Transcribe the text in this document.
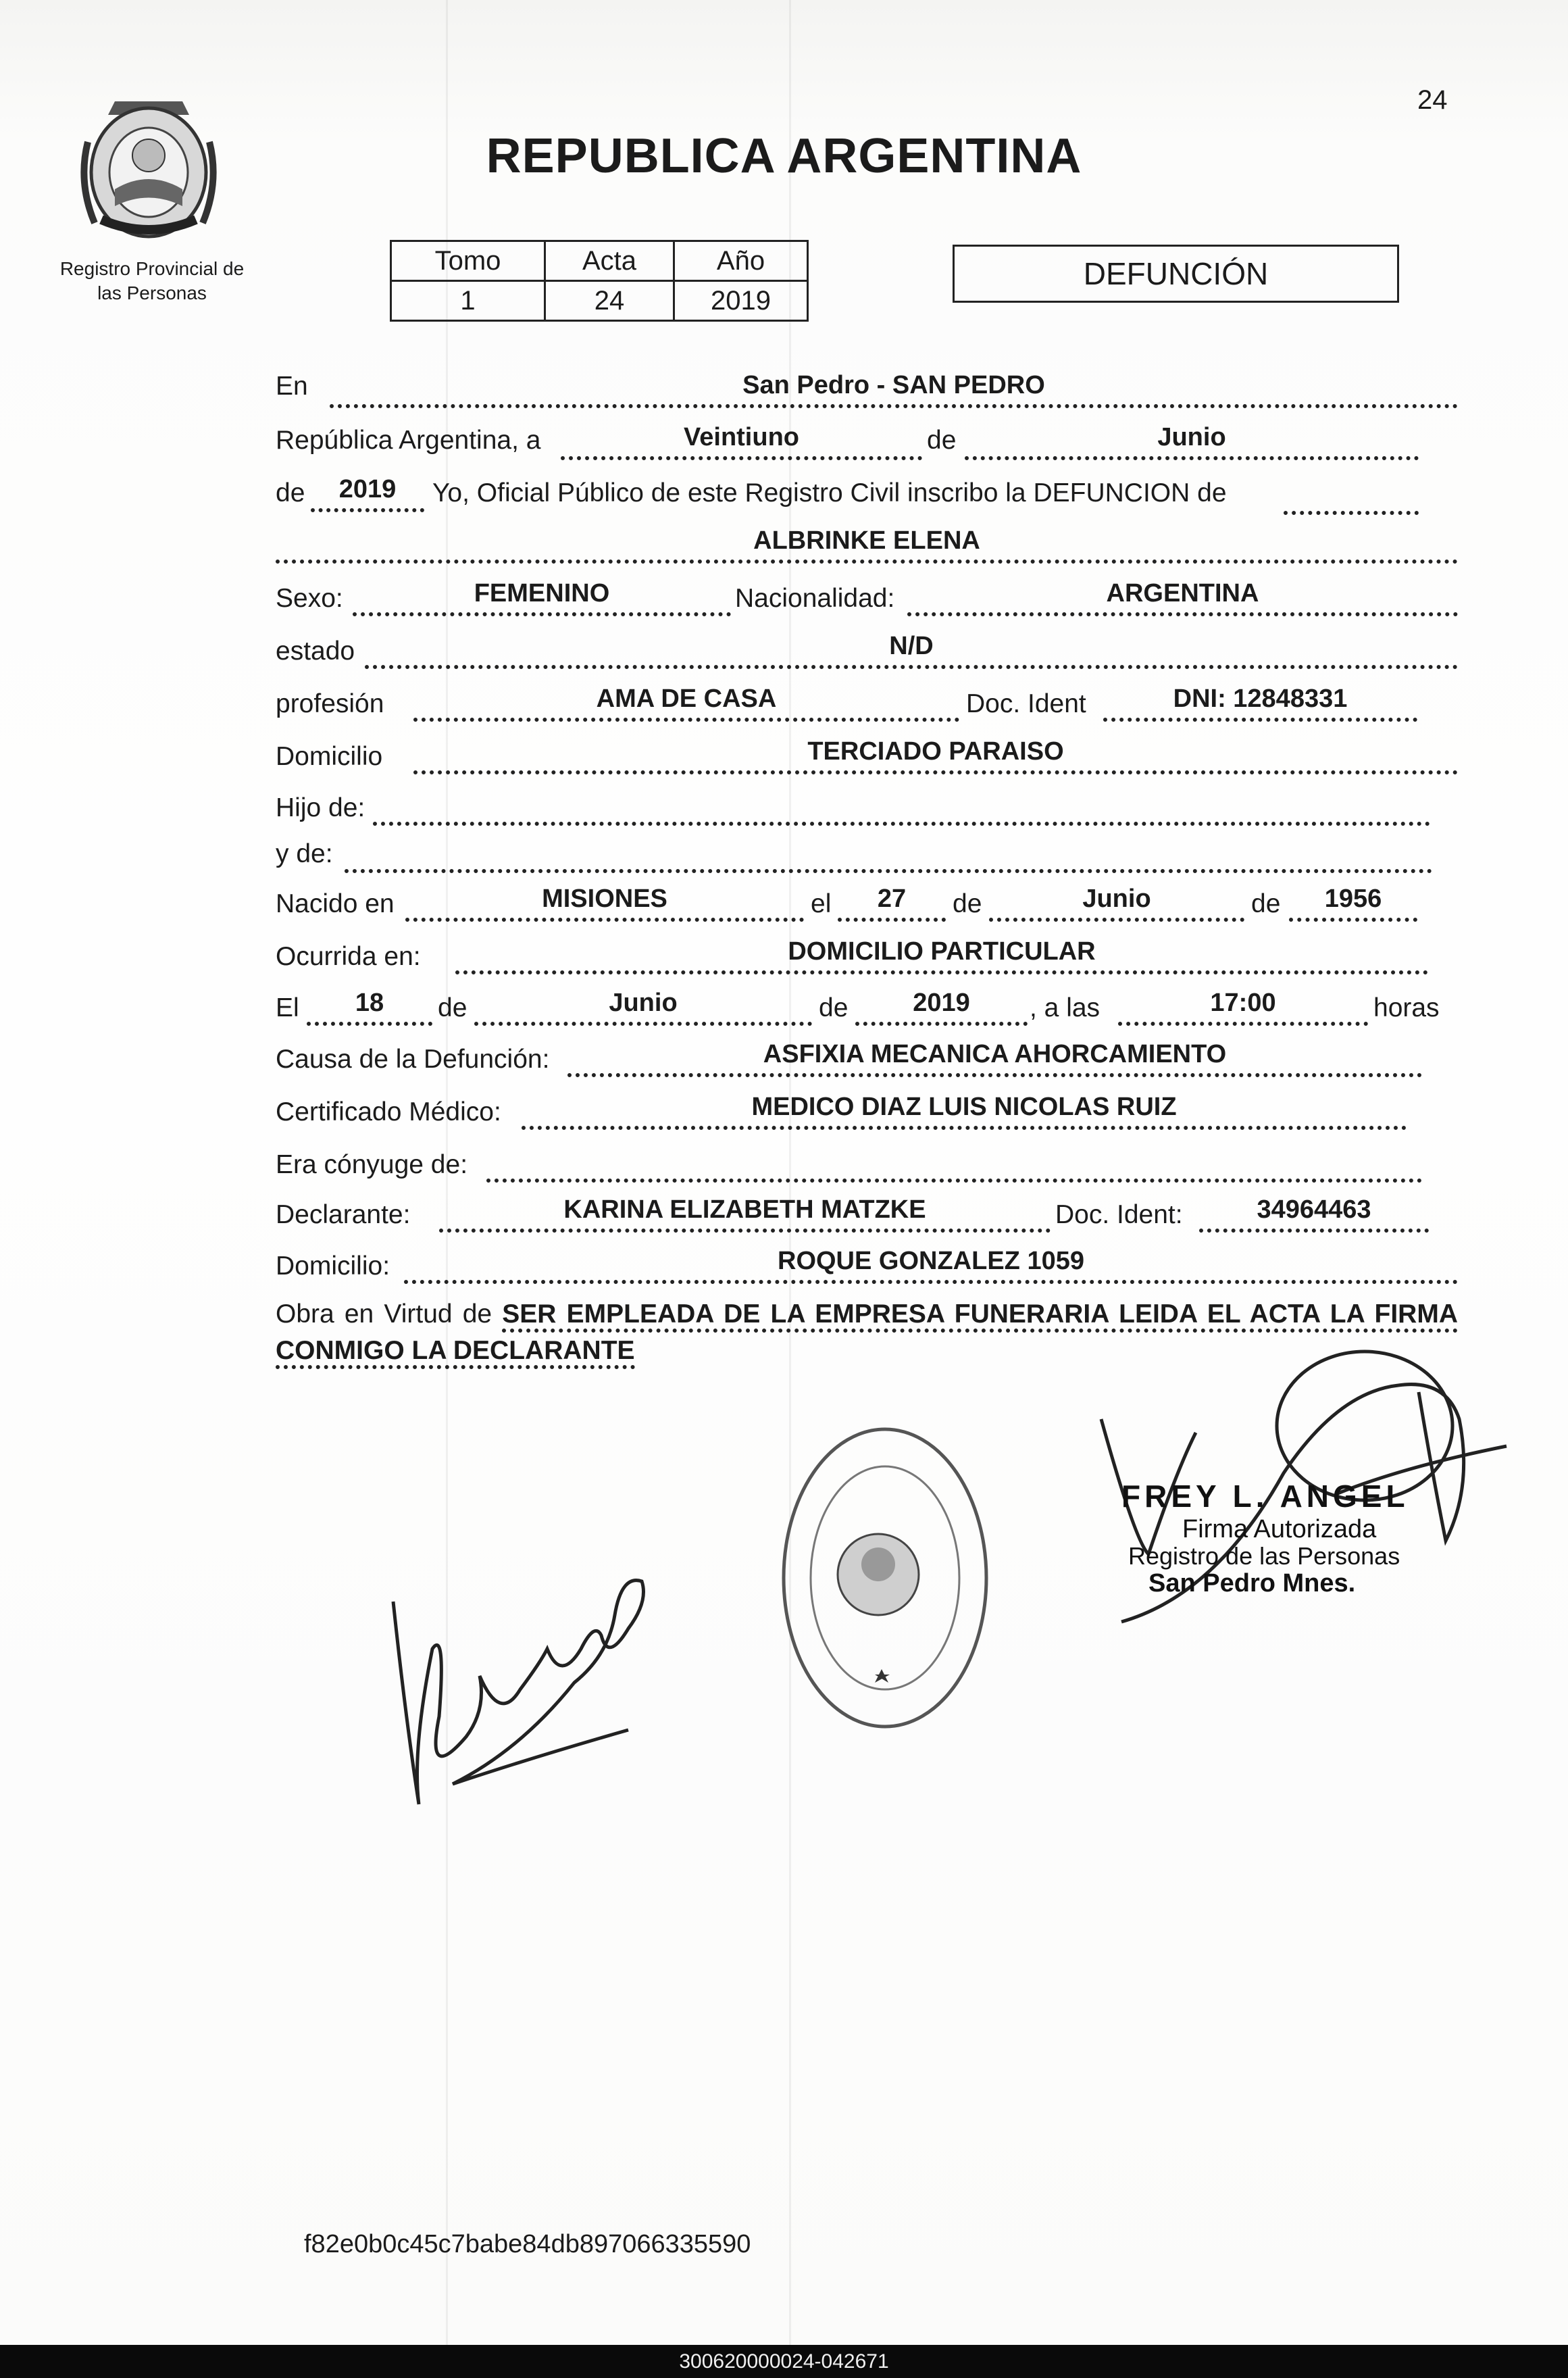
24
Registro Provincial de
las Personas
REPUBLICA ARGENTINA
Tomo	Acta	Año
1	24	2019
DEFUNCIÓN
En	San Pedro - SAN PEDRO
República Argentina, a	Veintiuno	de	Junio
de	2019	Yo, Oficial Público de este Registro Civil inscribo la DEFUNCION de
ALBRINKE ELENA
Sexo:	FEMENINO	Nacionalidad:	ARGENTINA
estado	N/D
profesión	AMA DE CASA	Doc. Ident	DNI: 12848331
Domicilio	TERCIADO PARAISO
Hijo de:
y de:
Nacido en	MISIONES	el	27	de	Junio	de	1956
Ocurrida en:	DOMICILIO PARTICULAR
El	18	de	Junio	de	2019	, a las	17:00	horas
Causa de la Defunción:	ASFIXIA MECANICA AHORCAMIENTO
Certificado Médico:	MEDICO DIAZ LUIS NICOLAS RUIZ
Era cónyuge de:
Declarante:	KARINA ELIZABETH MATZKE	Doc. Ident:	34964463
Domicilio:	ROQUE GONZALEZ 1059
Obra en Virtud de SER EMPLEADA DE LA EMPRESA FUNERARIA LEIDA EL ACTA LA FIRMA CONMIGO LA DECLARANTE
FREY L. ANGEL
Firma Autorizada
Registro de las Personas
San Pedro Mnes.
f82e0b0c45c7babe84db897066335590
300620000024-042671
